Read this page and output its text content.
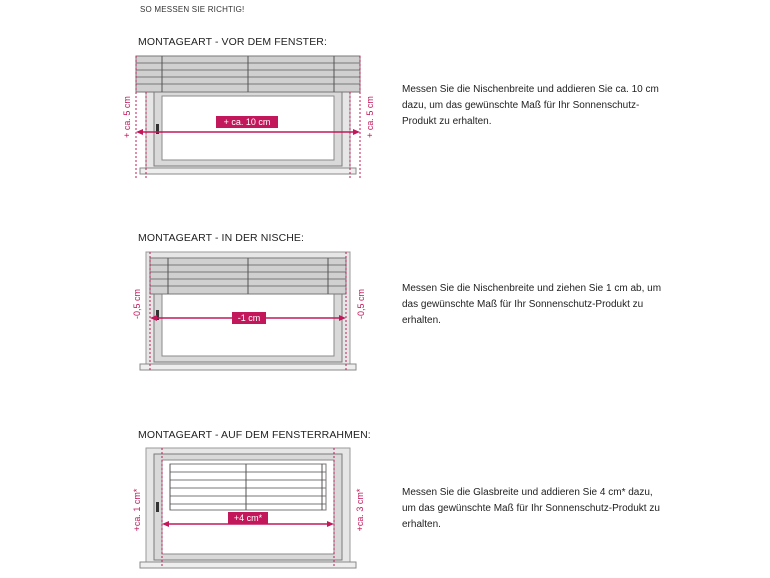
SO MESSEN SIE RICHTIG!
MONTAGEART - VOR DEM FENSTER:
+ ca. 10 cm
+ ca. 5 cm	+ ca. 5 cm
Messen Sie die Nischenbreite und addieren Sie ca. 10 cm dazu, um das gewünschte Maß für Ihr Sonnenschutz-Produkt zu erhalten.
MONTAGEART - IN DER NISCHE:
-1 cm
-0,5 cm	-0,5 cm
Messen Sie die Nischenbreite und ziehen Sie 1 cm ab, um das gewünschte Maß für Ihr Sonnenschutz-Produkt zu erhalten.
MONTAGEART - AUF DEM FENSTERRAHMEN:
+4 cm*
+ca. 1 cm*	+ca. 3 cm*	Messen Sie die Glasbreite und addieren Sie 4 cm* dazu, um das gewünschte Maß für Ihr Sonnenschutz-Produkt zu erhalten.
